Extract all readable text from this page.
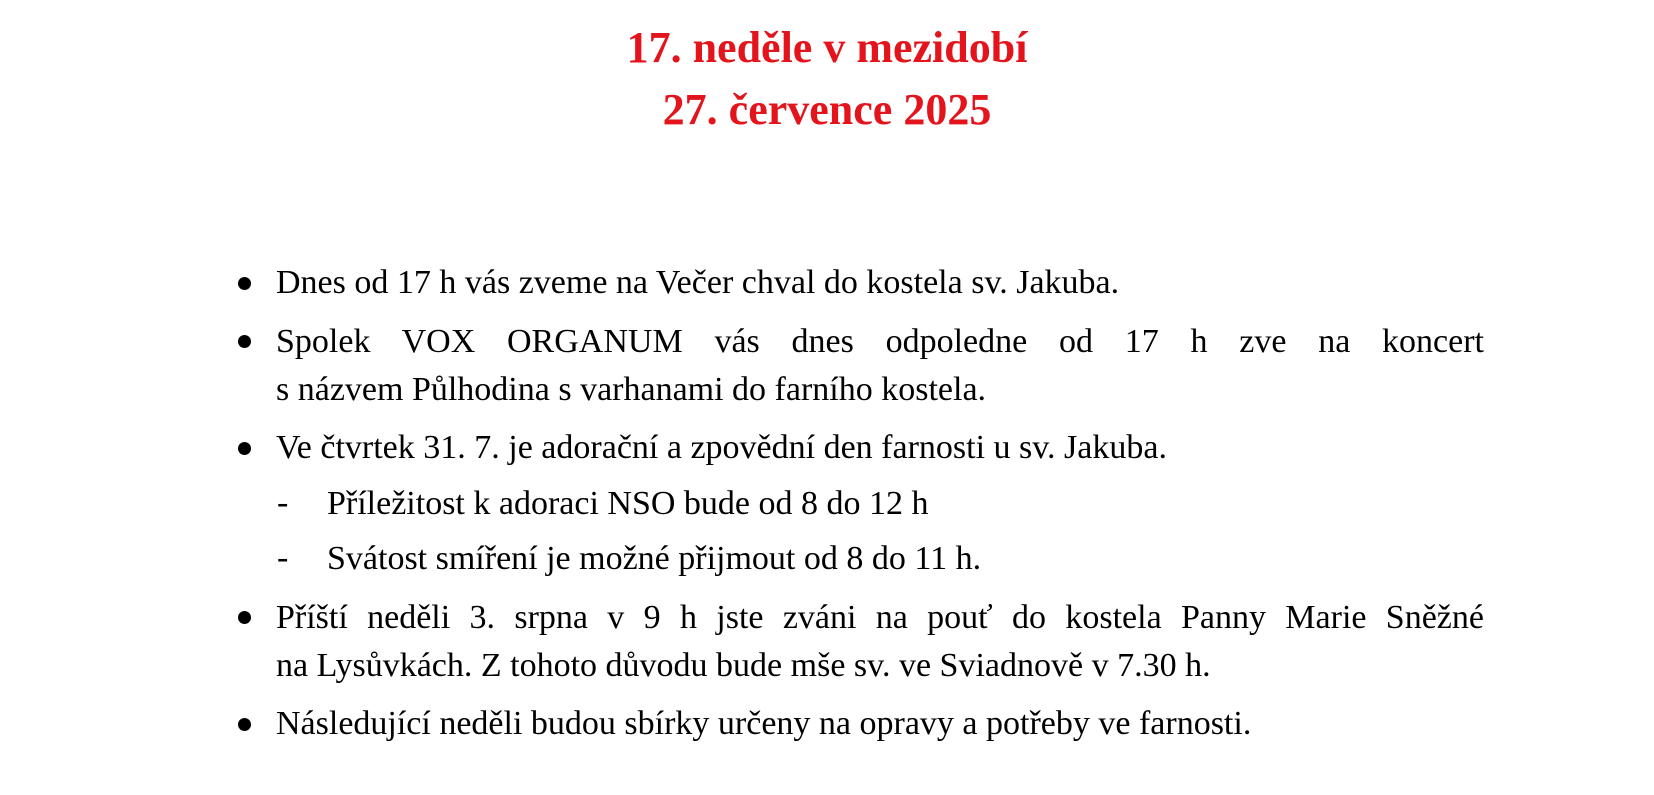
17. neděle v mezidobí
27. července 2025
Dnes od 17 h vás zveme na Večer chval do kostela sv. Jakuba.
Spolek VOX ORGANUM vás dnes odpoledne od 17 h zve na koncert
s názvem Půlhodina s varhanami do farního kostela.
Ve čtvrtek 31. 7. je adorační a zpovědní den farnosti u sv. Jakuba.
- Příležitost k adoraci NSO bude od 8 do 12 h
- Svátost smíření je možné přijmout od 8 do 11 h.
Příští neděli 3. srpna v 9 h jste zváni na pouť do kostela Panny Marie Sněžné
na Lysůvkách. Z tohoto důvodu bude mše sv. ve Sviadnově v 7.30 h.
Následující neděli budou sbírky určeny na opravy a potřeby ve farnosti.
